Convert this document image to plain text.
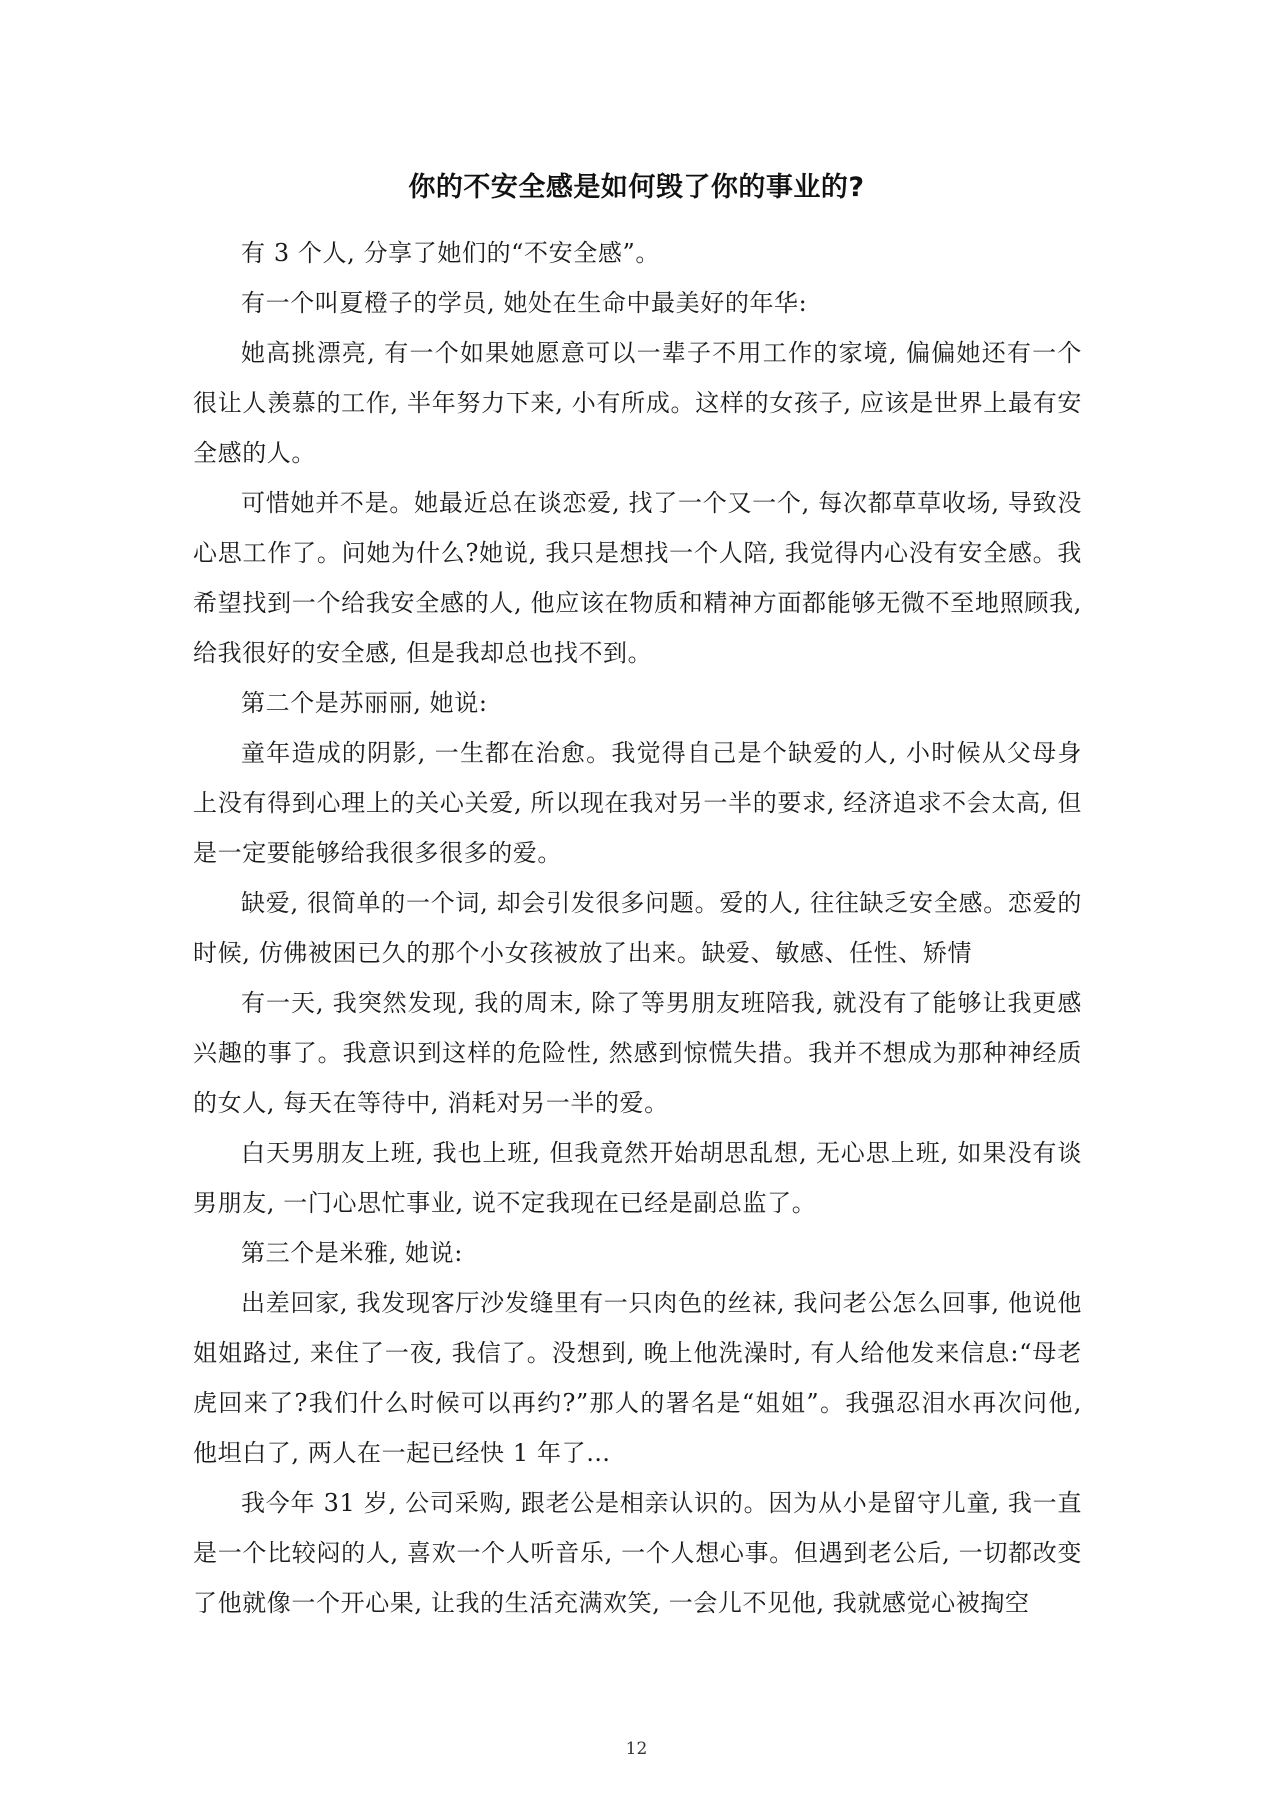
你的不安全感是如何毁了你的事业的?

有 3 个人, 分享了她们的“不安全感”。

有一个叫夏橙子的学员, 她处在生命中最美好的年华:

她高挑漂亮, 有一个如果她愿意可以一辈子不用工作的家境, 偏偏她还有一个很让人羡慕的工作, 半年努力下来, 小有所成。这样的女孩子, 应该是世界上最有安全感的人。

可惜她并不是。她最近总在谈恋爱, 找了一个又一个, 每次都草草收场, 导致没心思工作了。问她为什么?她说, 我只是想找一个人陪, 我觉得内心没有安全感。我希望找到一个给我安全感的人, 他应该在物质和精神方面都能够无微不至地照顾我, 给我很好的安全感, 但是我却总也找不到。

第二个是苏丽丽, 她说:

童年造成的阴影, 一生都在治愈。我觉得自己是个缺爱的人, 小时候从父母身上没有得到心理上的关心关爱, 所以现在我对另一半的要求, 经济追求不会太高, 但是一定要能够给我很多很多的爱。

缺爱, 很简单的一个词, 却会引发很多问题。爱的人, 往往缺乏安全感。恋爱的时候, 仿佛被困已久的那个小女孩被放了出来。缺爱、敏感、任性、矫情

有一天, 我突然发现, 我的周末, 除了等男朋友班陪我, 就没有了能够让我更感兴趣的事了。我意识到这样的危险性, 然感到惊慌失措。我并不想成为那种神经质的女人, 每天在等待中, 消耗对另一半的爱。

白天男朋友上班, 我也上班, 但我竟然开始胡思乱想, 无心思上班, 如果没有谈男朋友, 一门心思忙事业, 说不定我现在已经是副总监了。

第三个是米雅, 她说:

出差回家, 我发现客厅沙发缝里有一只肉色的丝袜, 我问老公怎么回事, 他说他姐姐路过, 来住了一夜, 我信了。没想到, 晚上他洗澡时, 有人给他发来信息:“母老虎回来了?我们什么时候可以再约?”那人的署名是“姐姐”。我强忍泪水再次问他, 他坦白了, 两人在一起已经快 1 年了…

我今年 31 岁, 公司采购, 跟老公是相亲认识的。因为从小是留守儿童, 我一直是一个比较闷的人, 喜欢一个人听音乐, 一个人想心事。但遇到老公后, 一切都改变了他就像一个开心果, 让我的生活充满欢笑, 一会儿不见他, 我就感觉心被掏空

12
